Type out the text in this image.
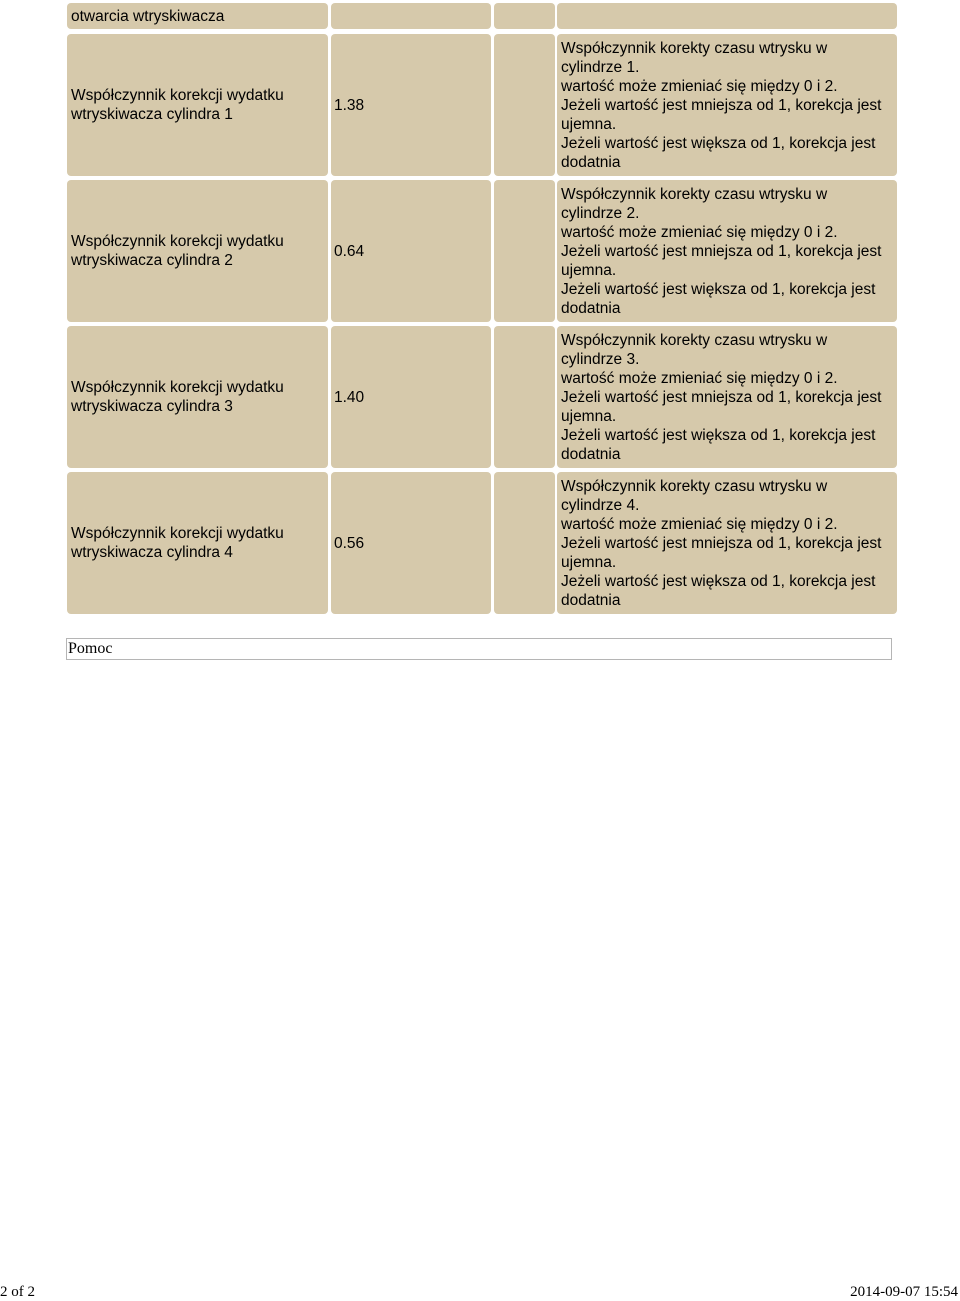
otwarcia wtryskiwacza
Współczynnik korekcji wydatku
wtryskiwacza cylindra 1
1.38
Współczynnik korekty czasu wtrysku w
cylindrze 1.
wartość może zmieniać się między 0 i 2.
Jeżeli wartość jest mniejsza od 1, korekcja jest
ujemna.
Jeżeli wartość jest większa od 1, korekcja jest
dodatnia
Współczynnik korekcji wydatku
wtryskiwacza cylindra 2
0.64
Współczynnik korekty czasu wtrysku w
cylindrze 2.
wartość może zmieniać się między 0 i 2.
Jeżeli wartość jest mniejsza od 1, korekcja jest
ujemna.
Jeżeli wartość jest większa od 1, korekcja jest
dodatnia
Współczynnik korekcji wydatku
wtryskiwacza cylindra 3
1.40
Współczynnik korekty czasu wtrysku w
cylindrze 3.
wartość może zmieniać się między 0 i 2.
Jeżeli wartość jest mniejsza od 1, korekcja jest
ujemna.
Jeżeli wartość jest większa od 1, korekcja jest
dodatnia
Współczynnik korekcji wydatku
wtryskiwacza cylindra 4
0.56
Współczynnik korekty czasu wtrysku w
cylindrze 4.
wartość może zmieniać się między 0 i 2.
Jeżeli wartość jest mniejsza od 1, korekcja jest
ujemna.
Jeżeli wartość jest większa od 1, korekcja jest
dodatnia
Pomoc
2 of 2	2014-09-07 15:54
